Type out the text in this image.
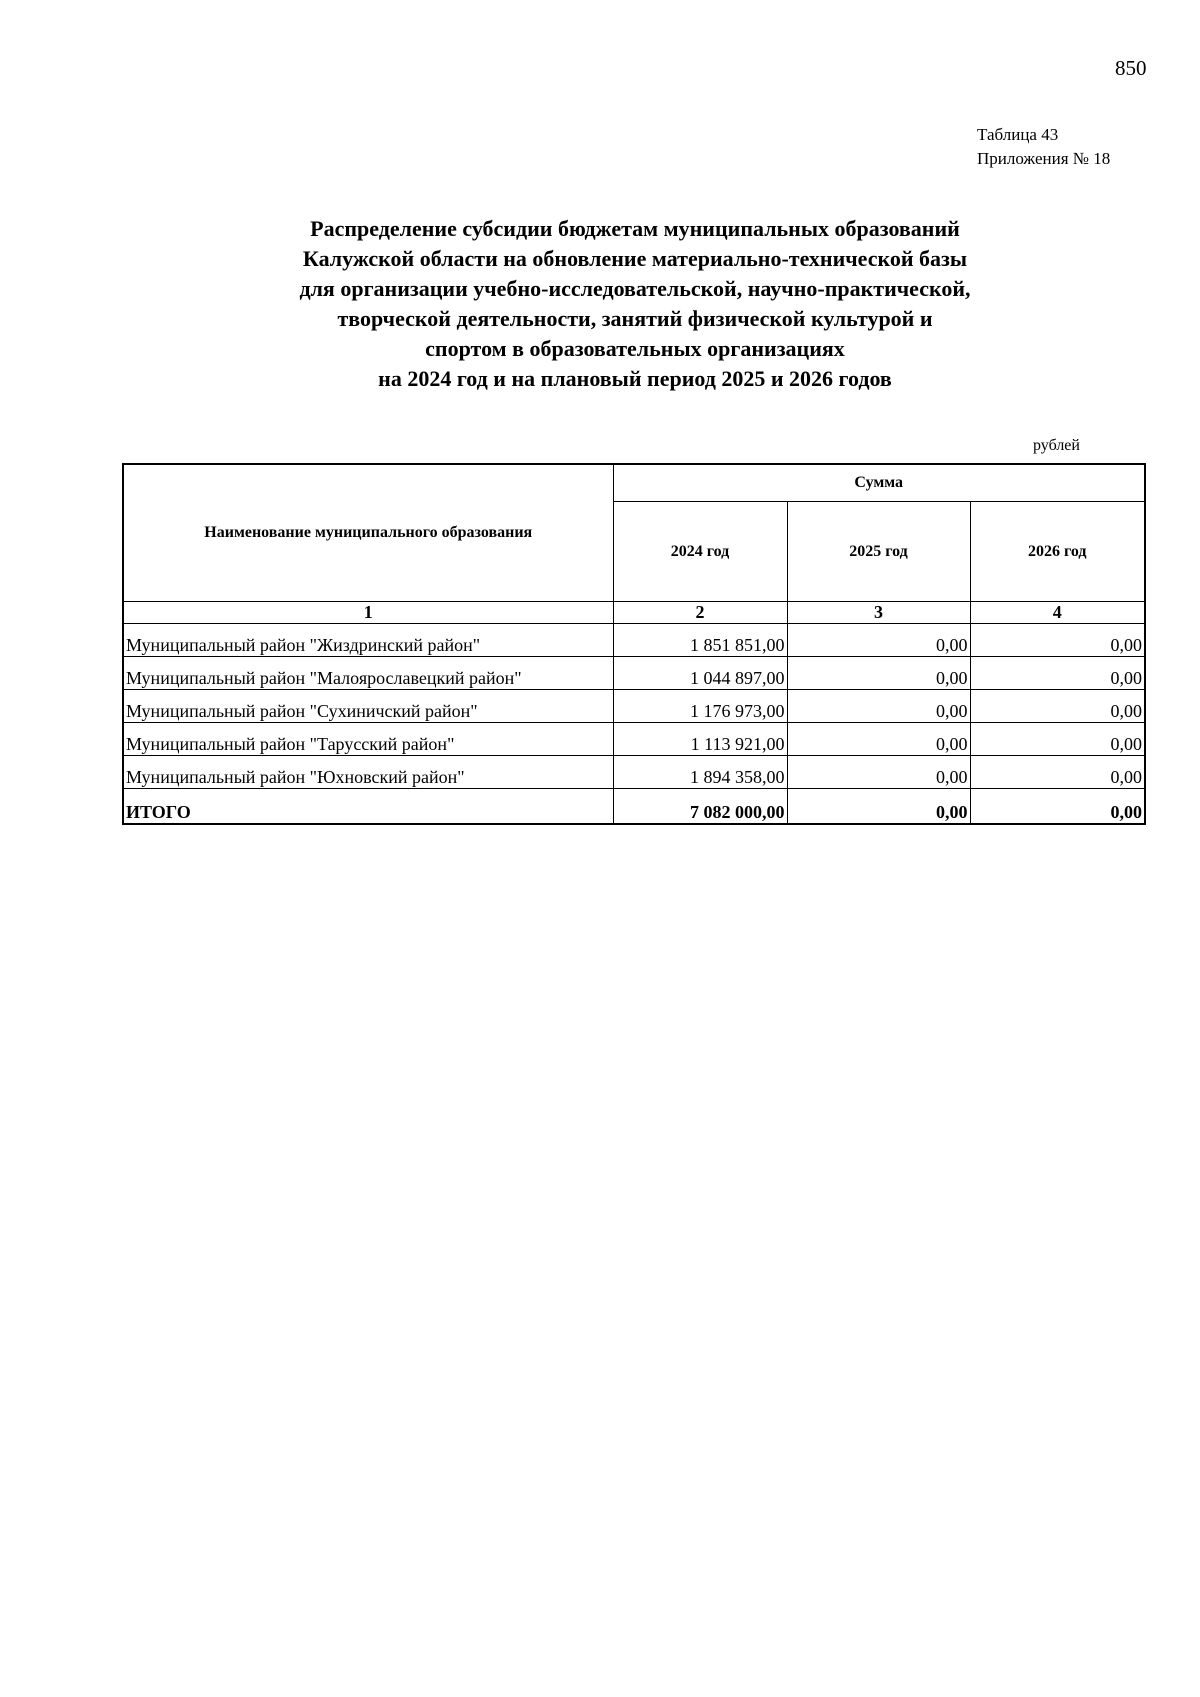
850
Таблица 43
Приложения № 18
Распределение субсидии бюджетам муниципальных образований
Калужской области на обновление материально-технической базы
для организации учебно-исследовательской, научно-практической,
творческой деятельности, занятий физической культурой и
спортом в образовательных организациях
на 2024 год и на плановый период 2025 и 2026 годов
рублей
Наименование муниципального образования	Сумма		
	2024 год	2025 год	2026 год
1	2	3	4
Муниципальный район "Жиздринский район"	1 851 851,00	0,00	0,00
Муниципальный район "Малоярославецкий район"	1 044 897,00	0,00	0,00
Муниципальный район "Сухиничский район"	1 176 973,00	0,00	0,00
Муниципальный район "Тарусский район"	1 113 921,00	0,00	0,00
Муниципальный район "Юхновский район"	1 894 358,00	0,00	0,00
ИТОГО	7 082 000,00	0,00	0,00
